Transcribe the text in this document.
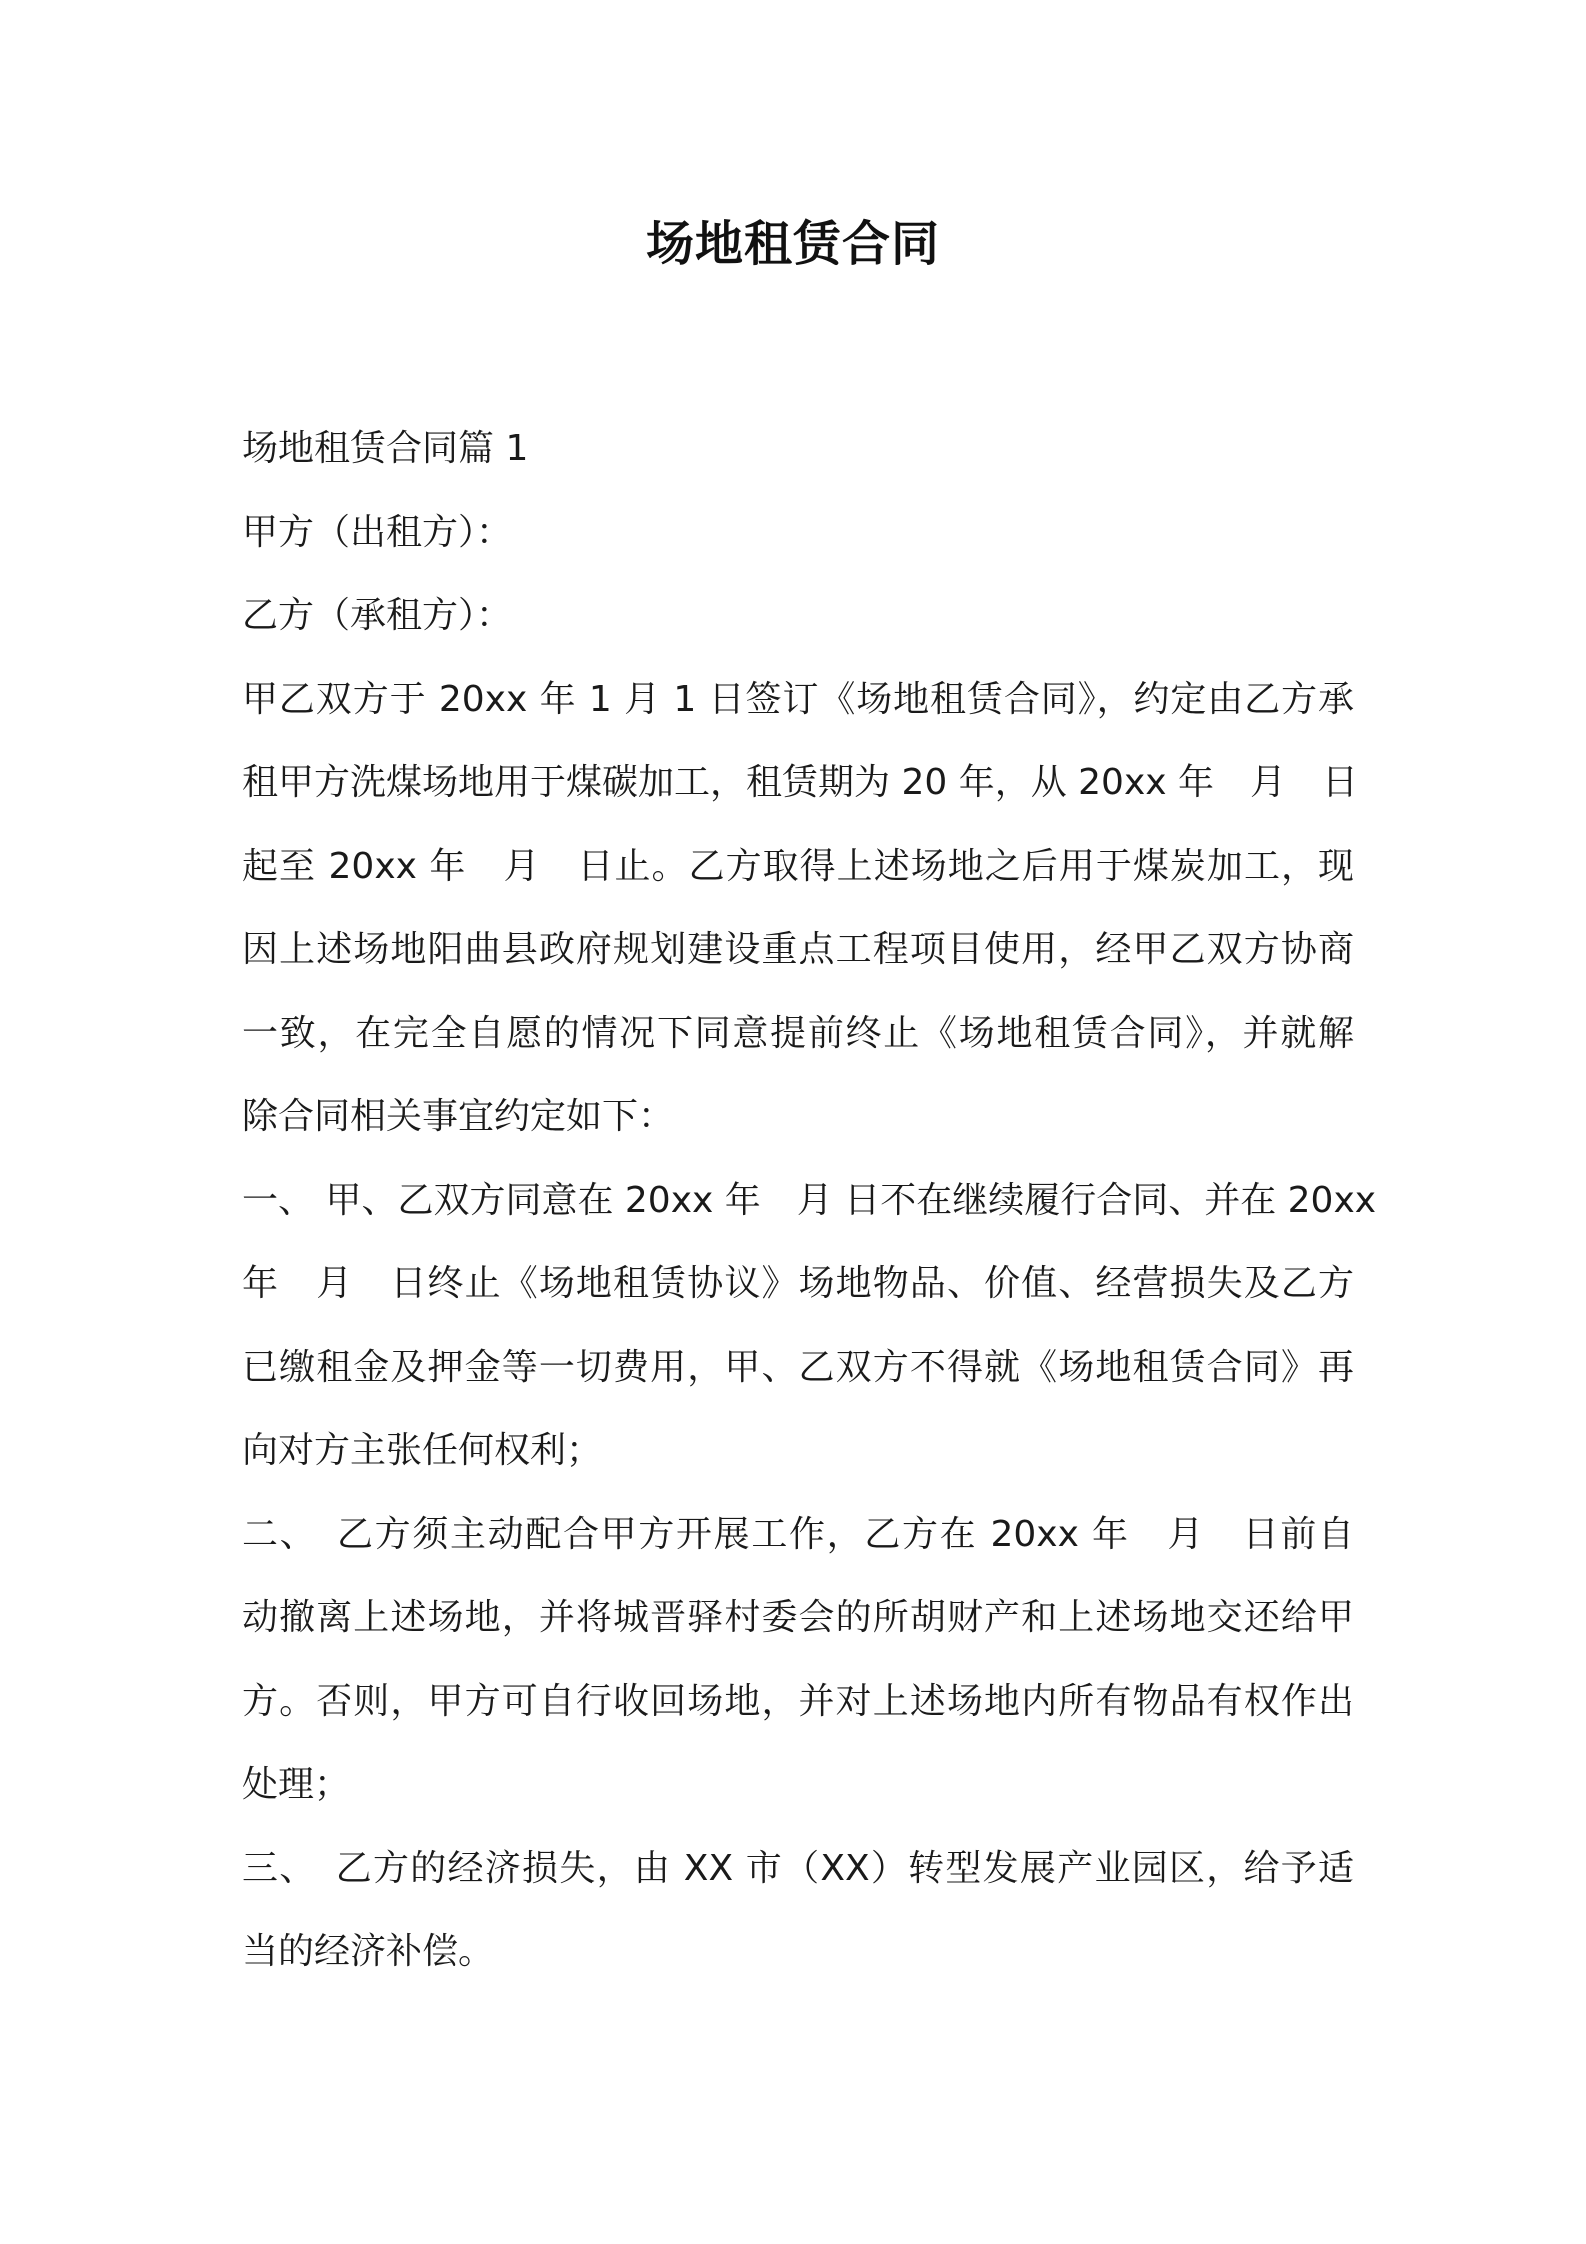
场地租赁合同
场地租赁合同篇 1
甲方（出租方）：
乙方（承租方）：
甲乙双方于 20xx 年 1 月 1 日签订《场地租赁合同》，约定由乙方承
租甲方洗煤场地用于煤碳加工，租赁期为 20 年，从 20xx 年　月　日
起至 20xx 年　月　日止。乙方取得上述场地之后用于煤炭加工，现
因上述场地阳曲县政府规划建设重点工程项目使用，经甲乙双方协商
一致，在完全自愿的情况下同意提前终止《场地租赁合同》，并就解
除合同相关事宜约定如下：
一、 甲、乙双方同意在 20xx 年　月 日不在继续履行合同、并在 20xx
年　月　日终止《场地租赁协议》场地物品、价值、经营损失及乙方
已缴租金及押金等一切费用，甲、乙双方不得就《场地租赁合同》再
向对方主张任何权利；
二、　乙方须主动配合甲方开展工作，乙方在 20xx 年　月　日前自
动撤离上述场地，并将城晋驿村委会的所胡财产和上述场地交还给甲
方。否则，甲方可自行收回场地，并对上述场地内所有物品有权作出
处理；
三、　乙方的经济损失，由 XX 市（XX）转型发展产业园区，给予适
当的经济补偿。
